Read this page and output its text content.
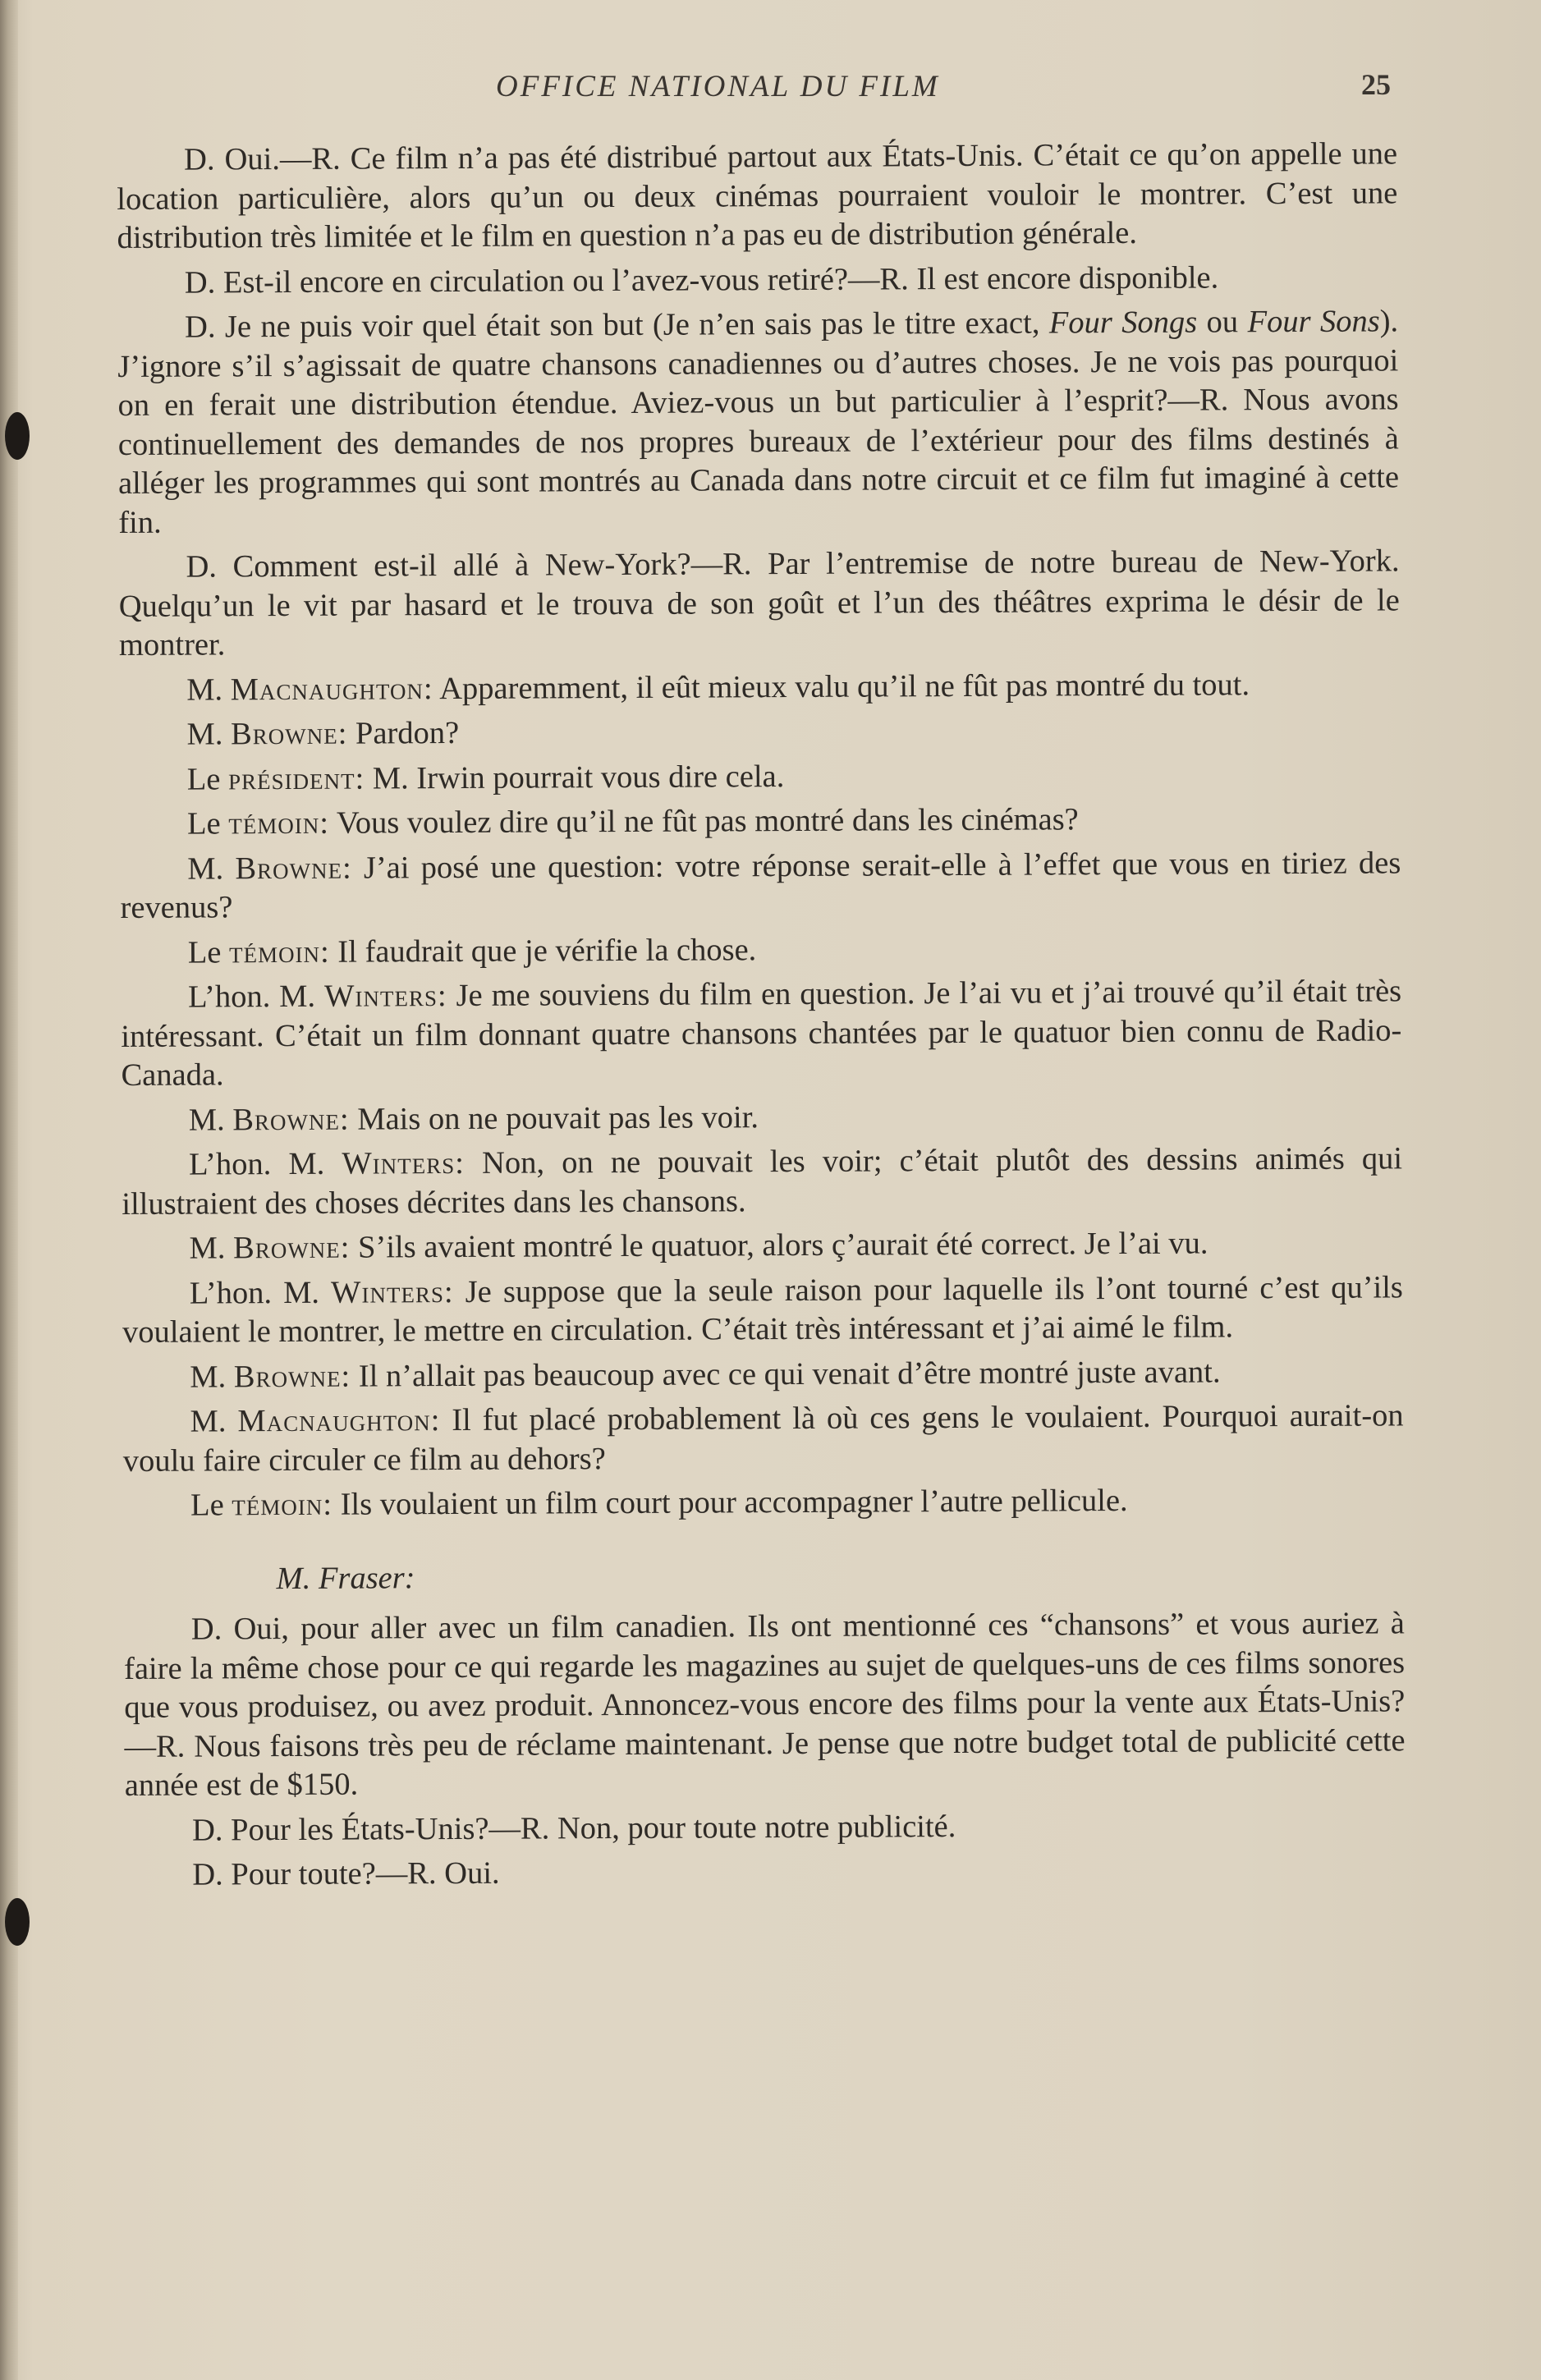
OFFICE NATIONAL DU FILM	25

D. Oui.—R. Ce film n’a pas été distribué partout aux États-Unis. C’était ce qu’on appelle une location particulière, alors qu’un ou deux cinémas pourraient vouloir le montrer. C’est une distribution très limitée et le film en question n’a pas eu de distribution générale.

D. Est-il encore en circulation ou l’avez-vous retiré?—R. Il est encore disponible.

D. Je ne puis voir quel était son but (Je n’en sais pas le titre exact, Four Songs ou Four Sons). J’ignore s’il s’agissait de quatre chansons canadiennes ou d’autres choses. Je ne vois pas pourquoi on en ferait une distribution étendue. Aviez-vous un but particulier à l’esprit?—R. Nous avons continuellement des demandes de nos propres bureaux de l’extérieur pour des films destinés à alléger les programmes qui sont montrés au Canada dans notre circuit et ce film fut imaginé à cette fin.

D. Comment est-il allé à New-York?—R. Par l’entremise de notre bureau de New-York. Quelqu’un le vit par hasard et le trouva de son goût et l’un des théâtres exprima le désir de le montrer.

M. Macnaughton: Apparemment, il eût mieux valu qu’il ne fût pas montré du tout.

M. Browne: Pardon?

Le président: M. Irwin pourrait vous dire cela.

Le témoin: Vous voulez dire qu’il ne fût pas montré dans les cinémas?

M. Browne: J’ai posé une question: votre réponse serait-elle à l’effet que vous en tiriez des revenus?

Le témoin: Il faudrait que je vérifie la chose.

L’hon. M. Winters: Je me souviens du film en question. Je l’ai vu et j’ai trouvé qu’il était très intéressant. C’était un film donnant quatre chansons chantées par le quatuor bien connu de Radio-Canada.

M. Browne: Mais on ne pouvait pas les voir.

L’hon. M. Winters: Non, on ne pouvait les voir; c’était plutôt des dessins animés qui illustraient des choses décrites dans les chansons.

M. Browne: S’ils avaient montré le quatuor, alors ç’aurait été correct. Je l’ai vu.

L’hon. M. Winters: Je suppose que la seule raison pour laquelle ils l’ont tourné c’est qu’ils voulaient le montrer, le mettre en circulation. C’était très intéressant et j’ai aimé le film.

M. Browne: Il n’allait pas beaucoup avec ce qui venait d’être montré juste avant.

M. Macnaughton: Il fut placé probablement là où ces gens le voulaient. Pourquoi aurait-on voulu faire circuler ce film au dehors?

Le témoin: Ils voulaient un film court pour accompagner l’autre pellicule.

M. Fraser:

D. Oui, pour aller avec un film canadien. Ils ont mentionné ces “chansons” et vous auriez à faire la même chose pour ce qui regarde les magazines au sujet de quelques-uns de ces films sonores que vous produisez, ou avez produit. Annoncez-vous encore des films pour la vente aux États-Unis?—R. Nous faisons très peu de réclame maintenant. Je pense que notre budget total de publicité cette année est de $150.

D. Pour les États-Unis?—R. Non, pour toute notre publicité.

D. Pour toute?—R. Oui.
